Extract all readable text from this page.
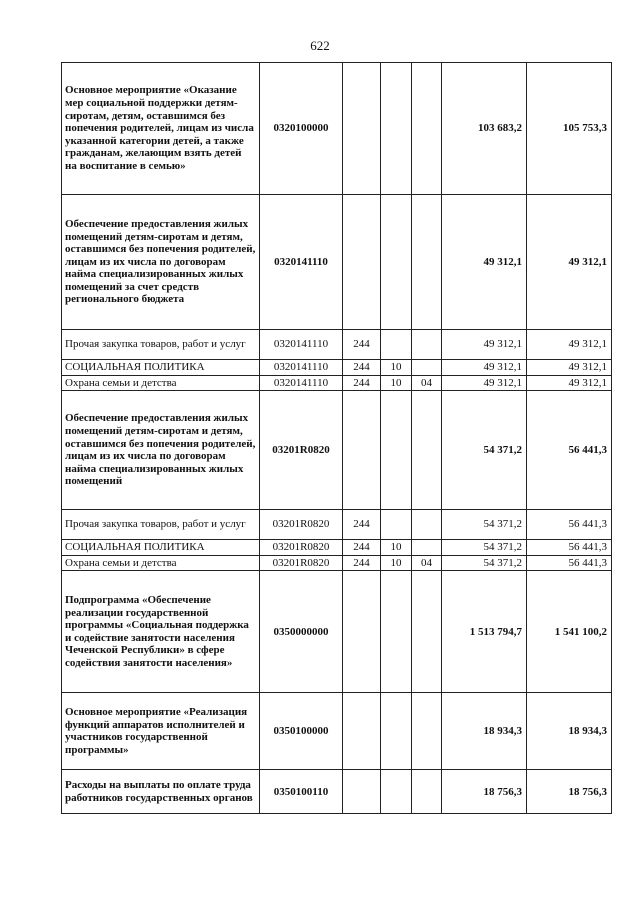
622
Основное мероприятие «Оказание мер социальной поддержки детям-сиротам, детям, оставшимся без попечения родителей, лицам из числа указанной категории детей, а также гражданам, желающим взять детей на воспитание в семью»	0320100000				103 683,2	105 753,3
Обеспечение предоставления жилых помещений детям-сиротам и детям, оставшимся без попечения родителей, лицам из их числа по договорам найма специализированных жилых помещений за счет средств регионального бюджета	0320141110				49 312,1	49 312,1
Прочая закупка товаров, работ и услуг	0320141110	244			49 312,1	49 312,1
СОЦИАЛЬНАЯ ПОЛИТИКА	0320141110	244	10		49 312,1	49 312,1
Охрана семьи и детства	0320141110	244	10	04	49 312,1	49 312,1
Обеспечение предоставления жилых помещений детям-сиротам и детям, оставшимся без попечения родителей, лицам из их числа по договорам найма специализированных жилых помещений	03201R0820				54 371,2	56 441,3
Прочая закупка товаров, работ и услуг	03201R0820	244			54 371,2	56 441,3
СОЦИАЛЬНАЯ ПОЛИТИКА	03201R0820	244	10		54 371,2	56 441,3
Охрана семьи и детства	03201R0820	244	10	04	54 371,2	56 441,3
Подпрограмма «Обеспечение реализации государственной программы «Социальная поддержка и содействие занятости населения Чеченской Республики» в сфере содействия занятости населения»	0350000000				1 513 794,7	1 541 100,2
Основное мероприятие «Реализация функций аппаратов исполнителей и участников государственной программы»	0350100000				18 934,3	18 934,3
Расходы на выплаты по оплате труда работников государственных органов	0350100110				18 756,3	18 756,3
